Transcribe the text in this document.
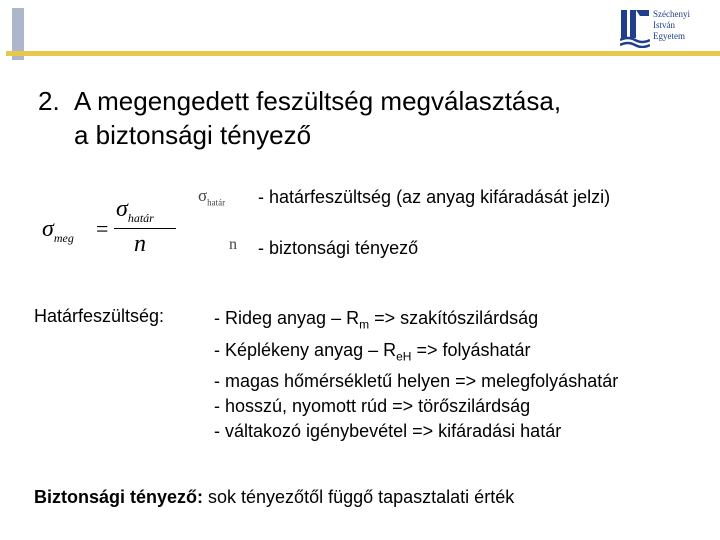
Széchenyi
István
Egyetem
2. A megengedett feszültség megválasztása,
a biztonsági tényező
$\sigma_{meg}$ =
$\sigma_{határ}$
n
$\sigma_{határ}$ - határfeszültség (az anyag kifáradását jelzi)
n - biztonsági tényező
Határfeszültség:	- Rideg anyag – $R_m$ => szakítószilárdság
- Képlékeny anyag – $R_{eH}$ => folyáshatár
- magas hőmérsékletű helyen => melegfolyáshatár
- hosszú, nyomott rúd => törőszilárdság
- váltakozó igénybevétel => kifáradási határ
Biztonsági tényező: sok tényezőtől függő tapasztalati érték
